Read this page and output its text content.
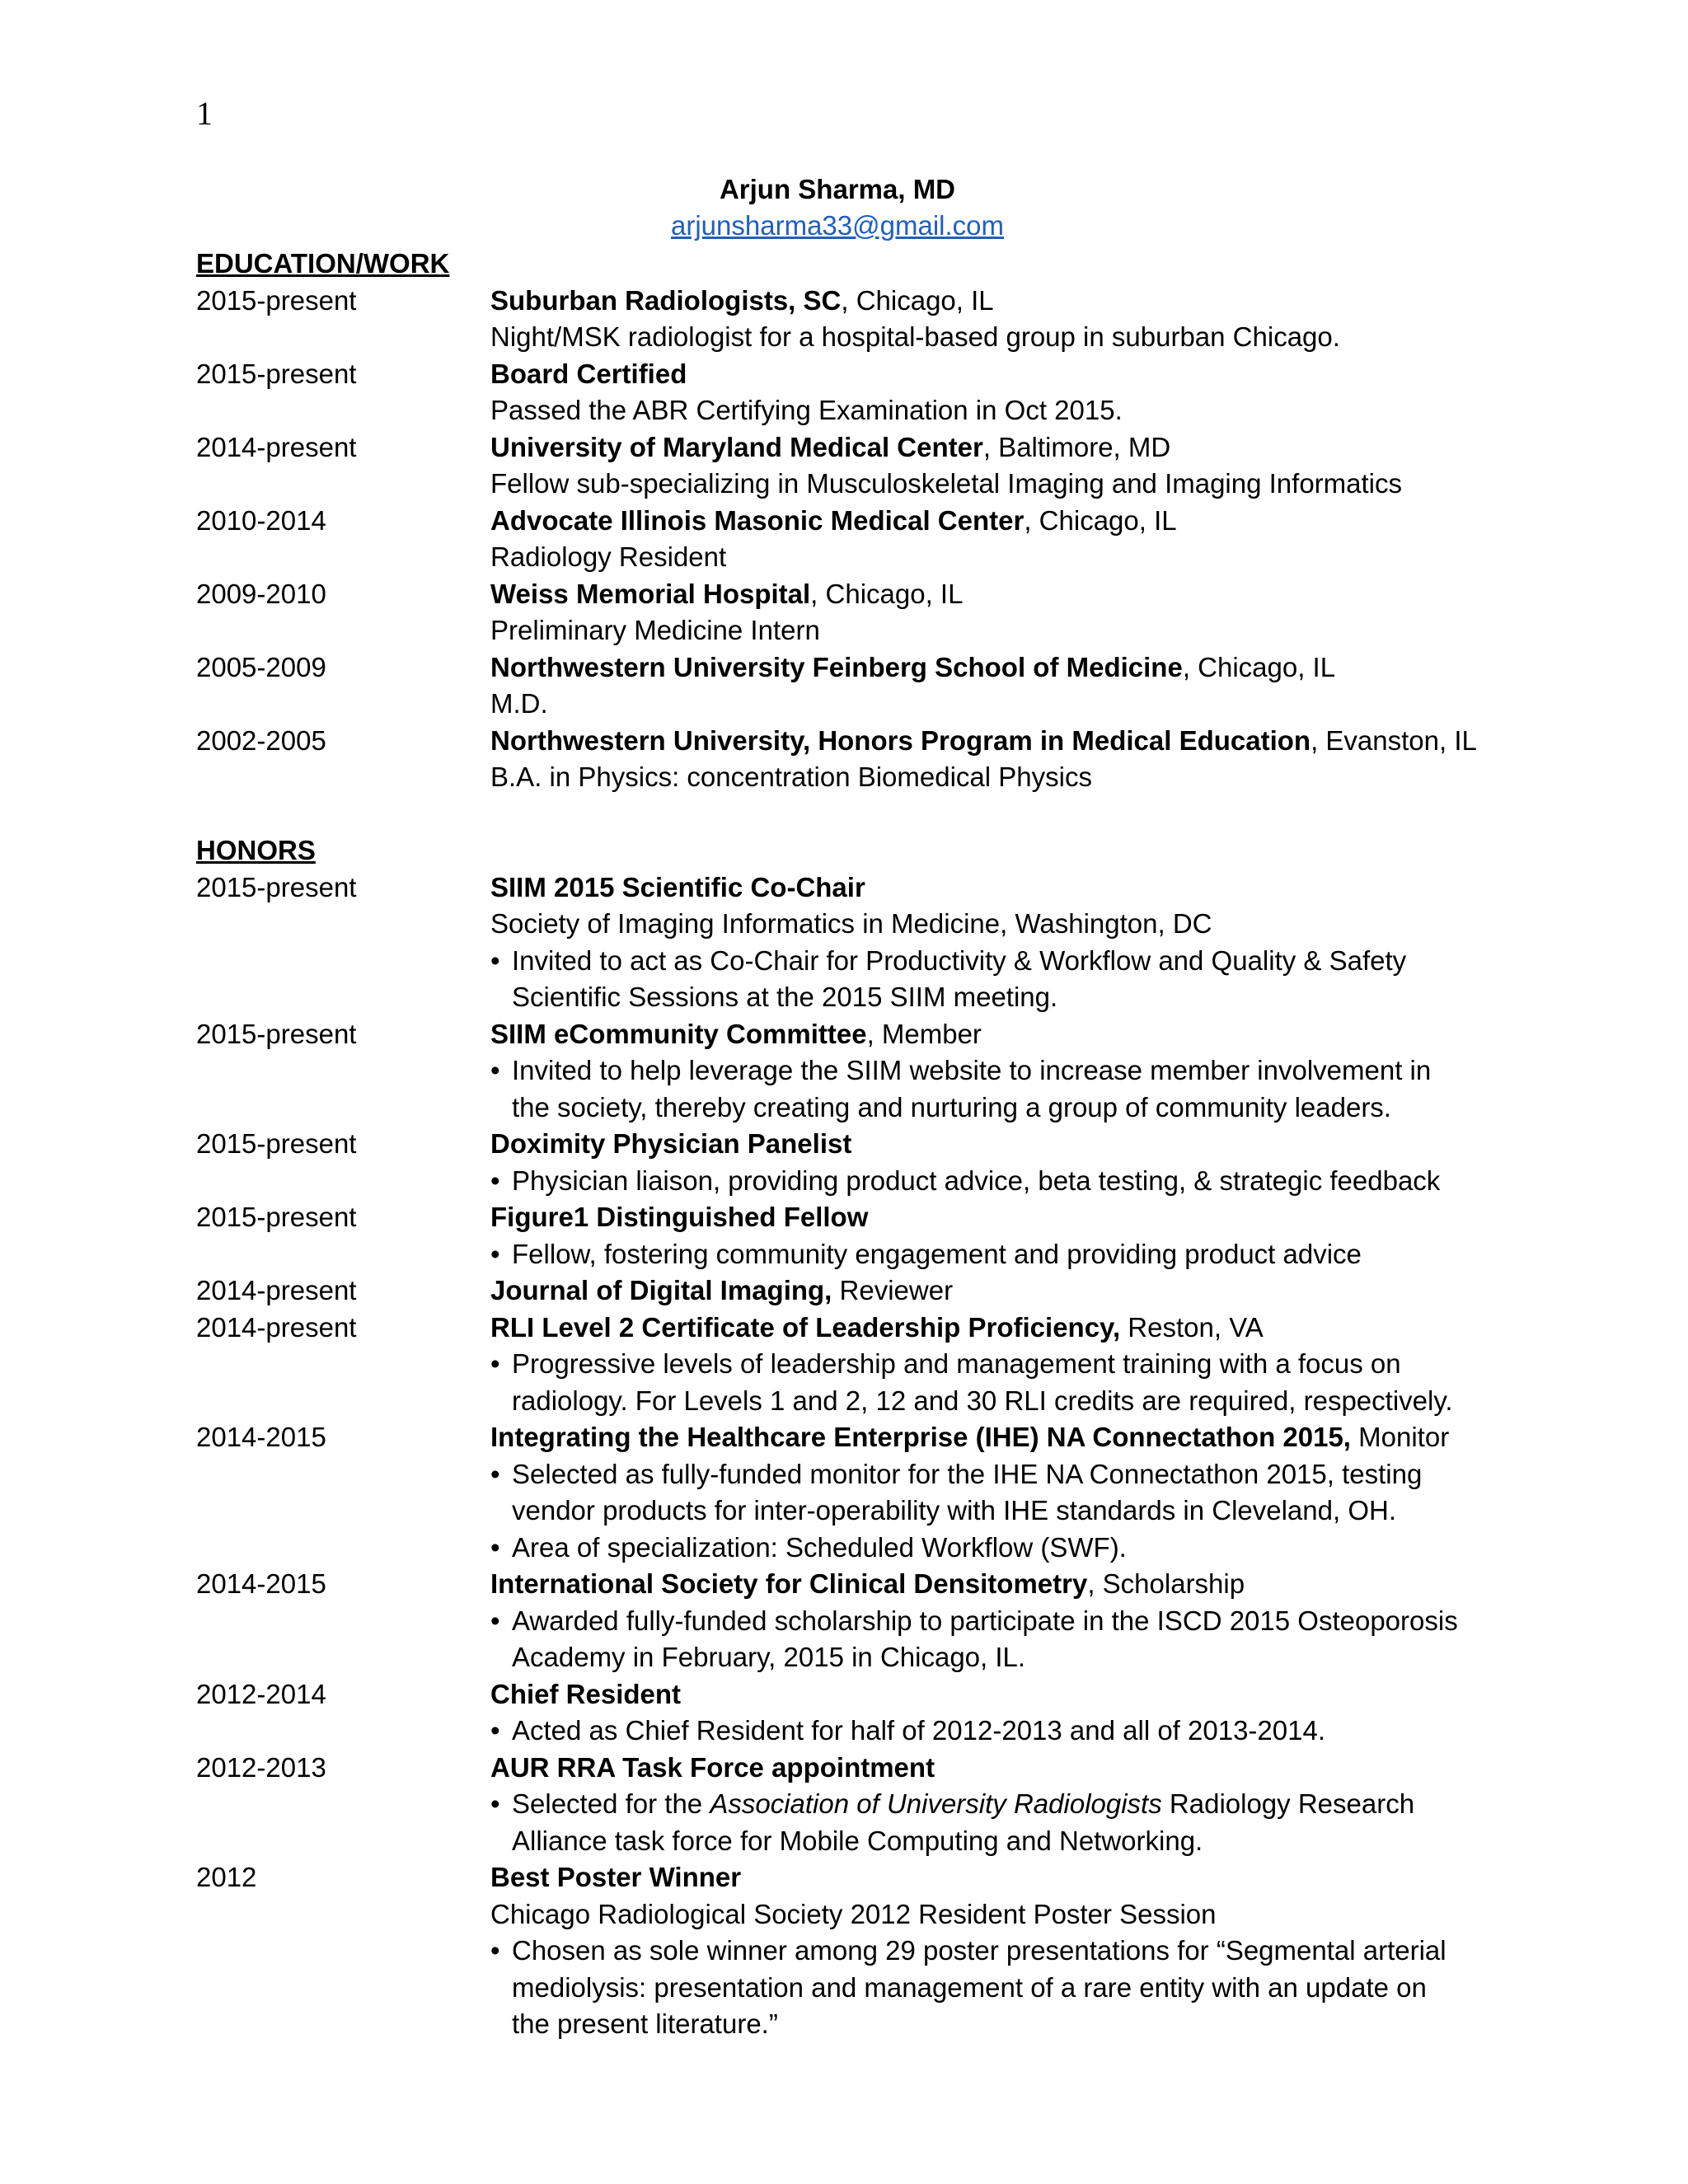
1
Arjun Sharma, MD
arjunsharma33@gmail.com
EDUCATION/WORK
2015-present	Suburban Radiologists, SC, Chicago, IL
Night/MSK radiologist for a hospital-based group in suburban Chicago.
2015-present	Board Certified
Passed the ABR Certifying Examination in Oct 2015.
2014-present	University of Maryland Medical Center, Baltimore, MD
Fellow sub-specializing in Musculoskeletal Imaging and Imaging Informatics
2010-2014	Advocate Illinois Masonic Medical Center, Chicago, IL
Radiology Resident
2009-2010	Weiss Memorial Hospital, Chicago, IL
Preliminary Medicine Intern
2005-2009	Northwestern University Feinberg School of Medicine, Chicago, IL
M.D.
2002-2005	Northwestern University, Honors Program in Medical Education, Evanston, IL
B.A. in Physics: concentration Biomedical Physics
HONORS
2015-present	SIIM 2015 Scientific Co-Chair
Society of Imaging Informatics in Medicine, Washington, DC
• Invited to act as Co-Chair for Productivity & Workflow and Quality & Safety
Scientific Sessions at the 2015 SIIM meeting.
2015-present	SIIM eCommunity Committee, Member
• Invited to help leverage the SIIM website to increase member involvement in
the society, thereby creating and nurturing a group of community leaders.
2015-present	Doximity Physician Panelist
• Physician liaison, providing product advice, beta testing, & strategic feedback
2015-present	Figure1 Distinguished Fellow
• Fellow, fostering community engagement and providing product advice
2014-present	Journal of Digital Imaging, Reviewer
2014-present	RLI Level 2 Certificate of Leadership Proficiency, Reston, VA
• Progressive levels of leadership and management training with a focus on
radiology. For Levels 1 and 2, 12 and 30 RLI credits are required, respectively.
2014-2015	Integrating the Healthcare Enterprise (IHE) NA Connectathon 2015, Monitor
• Selected as fully-funded monitor for the IHE NA Connectathon 2015, testing
vendor products for inter-operability with IHE standards in Cleveland, OH.
• Area of specialization: Scheduled Workflow (SWF).
2014-2015	International Society for Clinical Densitometry, Scholarship
• Awarded fully-funded scholarship to participate in the ISCD 2015 Osteoporosis
Academy in February, 2015 in Chicago, IL.
2012-2014	Chief Resident
• Acted as Chief Resident for half of 2012-2013 and all of 2013-2014.
2012-2013	AUR RRA Task Force appointment
• Selected for the Association of University Radiologists Radiology Research
Alliance task force for Mobile Computing and Networking.
2012	Best Poster Winner
Chicago Radiological Society 2012 Resident Poster Session
• Chosen as sole winner among 29 poster presentations for “Segmental arterial
mediolysis: presentation and management of a rare entity with an update on
the present literature.”
